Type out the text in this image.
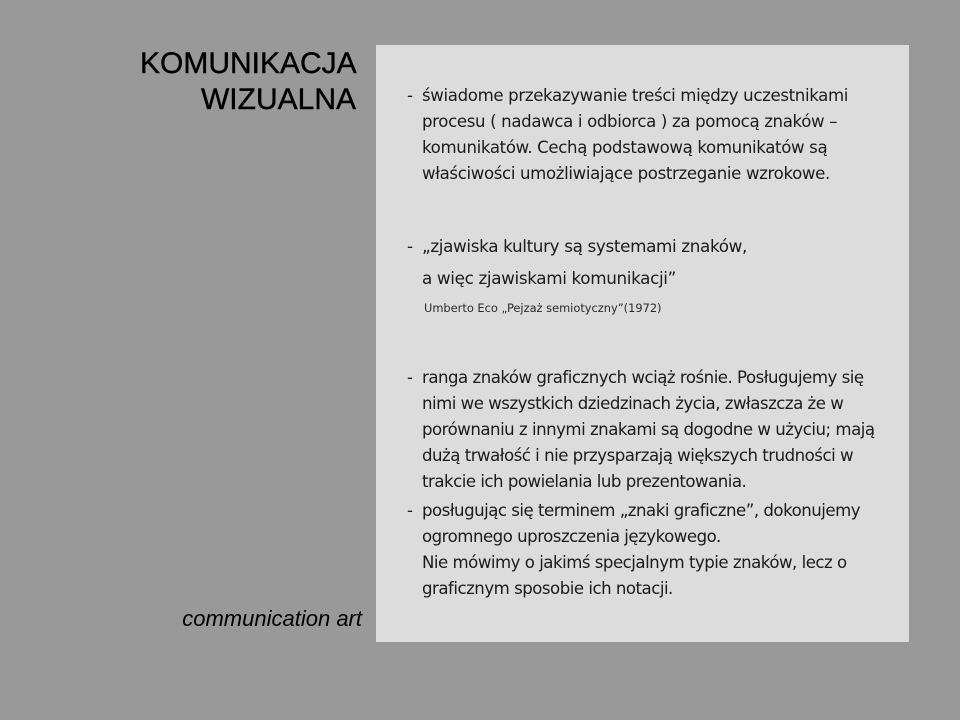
KOMUNIKACJA
WIZUALNA
communication art

- świadome przekazywanie treści między uczestnikami procesu ( nadawca i odbiorca ) za pomocą znaków – komunikatów. Cechą podstawową komunikatów są właściwości umożliwiające postrzeganie wzrokowe.

- „zjawiska kultury są systemami znaków,
a więc zjawiskami komunikacji”

Umberto Eco „Pejzaż semiotyczny”(1972)

- ranga znaków graficznych wciąż rośnie. Posługujemy się nimi we wszystkich dziedzinach życia, zwłaszcza że w porównaniu z innymi znakami są dogodne w użyciu; mają dużą trwałość i nie przysparzają większych trudności w trakcie ich powielania lub prezentowania.

- posługując się terminem „znaki graficzne”, dokonujemy ogromnego uproszczenia językowego.
Nie mówimy o jakimś specjalnym typie znaków, lecz o graficznym sposobie ich notacji.
